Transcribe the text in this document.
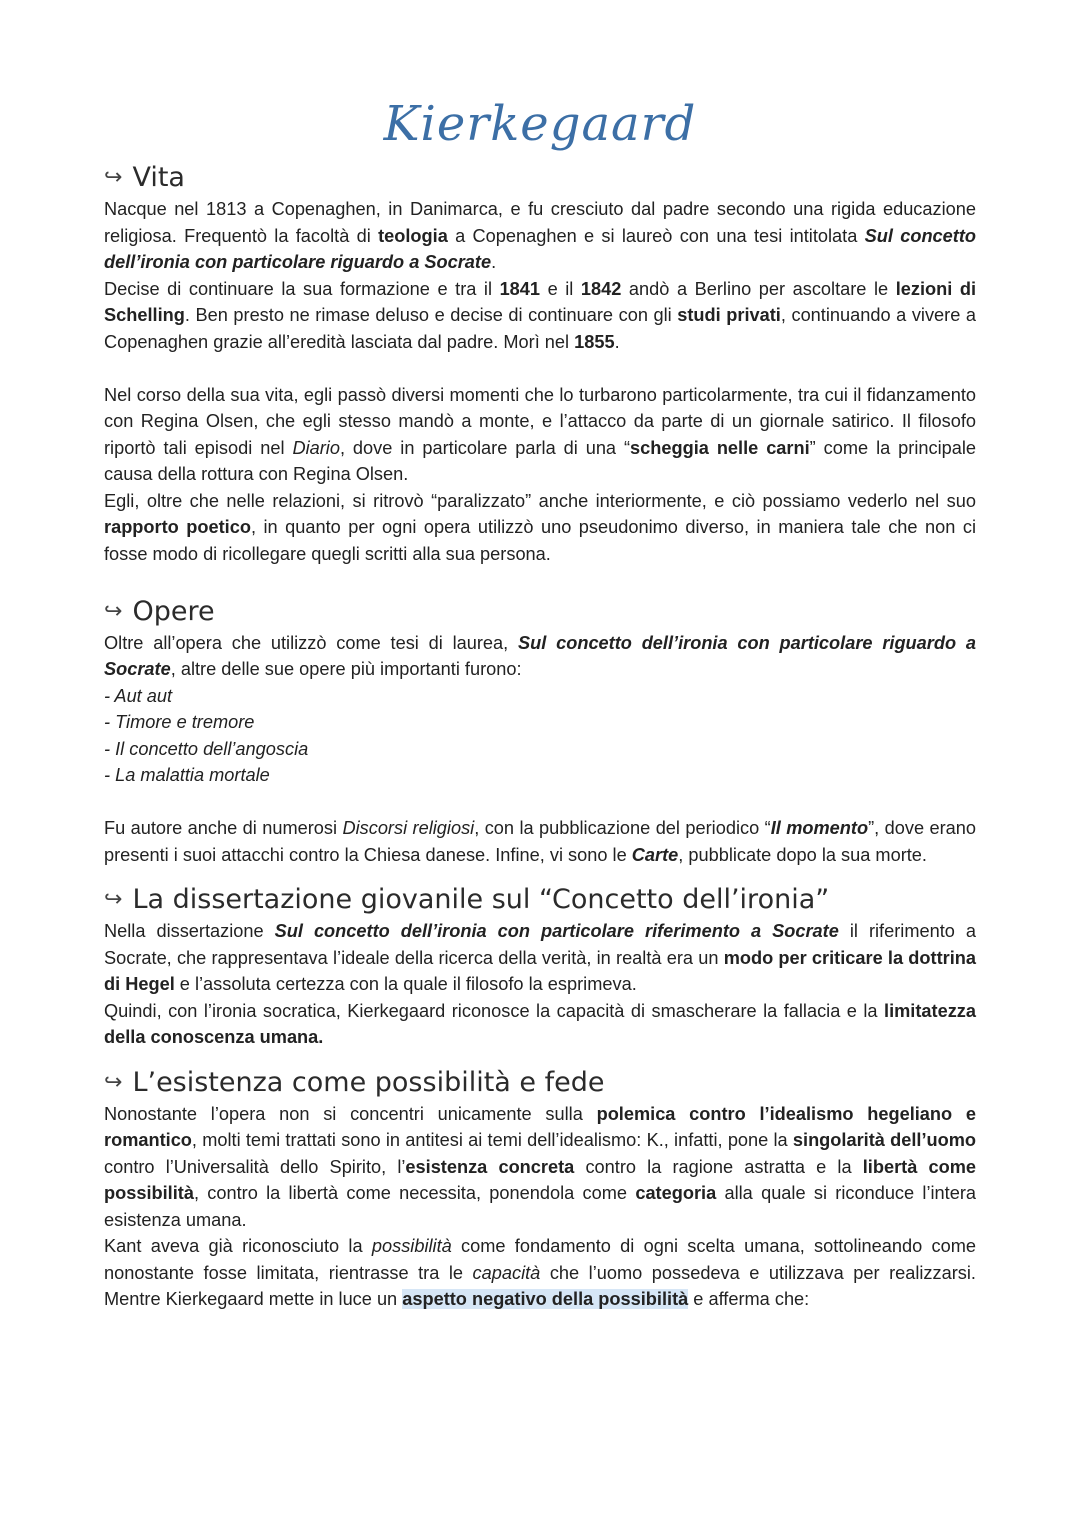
Kierkegaard
↪ Vita

Nacque nel 1813 a Copenaghen, in Danimarca, e fu cresciuto dal padre secondo una rigida educazione religiosa. Frequentò la facoltà di teologia a Copenaghen e si laureò con una tesi intitolata Sul concetto dell’ironia con particolare riguardo a Socrate.

Decise di continuare la sua formazione e tra il 1841 e il 1842 andò a Berlino per ascoltare le lezioni di Schelling. Ben presto ne rimase deluso e decise di continuare con gli studi privati, continuando a vivere a Copenaghen grazie all’eredità lasciata dal padre. Morì nel 1855.

Nel corso della sua vita, egli passò diversi momenti che lo turbarono particolarmente, tra cui il fidanzamento con Regina Olsen, che egli stesso mandò a monte, e l’attacco da parte di un giornale satirico. Il filosofo riportò tali episodi nel Diario, dove in particolare parla di una “scheggia nelle carni” come la principale causa della rottura con Regina Olsen.

Egli, oltre che nelle relazioni, si ritrovò “paralizzato” anche interiormente, e ciò possiamo vederlo nel suo rapporto poetico, in quanto per ogni opera utilizzò uno pseudonimo diverso, in maniera tale che non ci fosse modo di ricollegare quegli scritti alla sua persona.

↪ Opere

Oltre all’opera che utilizzò come tesi di laurea, Sul concetto dell’ironia con particolare riguardo a Socrate, altre delle sue opere più importanti furono:

- Aut aut
- Timore e tremore
- Il concetto dell’angoscia
- La malattia mortale

Fu autore anche di numerosi Discorsi religiosi, con la pubblicazione del periodico “Il momento”, dove erano presenti i suoi attacchi contro la Chiesa danese. Infine, vi sono le Carte, pubblicate dopo la sua morte.

↪ La dissertazione giovanile sul “Concetto dell’ironia”

Nella dissertazione Sul concetto dell’ironia con particolare riferimento a Socrate il riferimento a Socrate, che rappresentava l’ideale della ricerca della verità, in realtà era un modo per criticare la dottrina di Hegel e l’assoluta certezza con la quale il filosofo la esprimeva.

Quindi, con l’ironia socratica, Kierkegaard riconosce la capacità di smascherare la fallacia e la limitatezza della conoscenza umana.

↪ L’esistenza come possibilità e fede

Nonostante l’opera non si concentri unicamente sulla polemica contro l’idealismo hegeliano e romantico, molti temi trattati sono in antitesi ai temi dell’idealismo: K., infatti, pone la singolarità dell’uomo contro l’Universalità dello Spirito, l’esistenza concreta contro la ragione astratta e la libertà come possibilità, contro la libertà come necessita, ponendola come categoria alla quale si riconduce l’intera esistenza umana.

Kant aveva già riconosciuto la possibilità come fondamento di ogni scelta umana, sottolineando come nonostante fosse limitata, rientrasse tra le capacità che l’uomo possedeva e utilizzava per realizzarsi. Mentre Kierkegaard mette in luce un aspetto negativo della possibilità e afferma che:
